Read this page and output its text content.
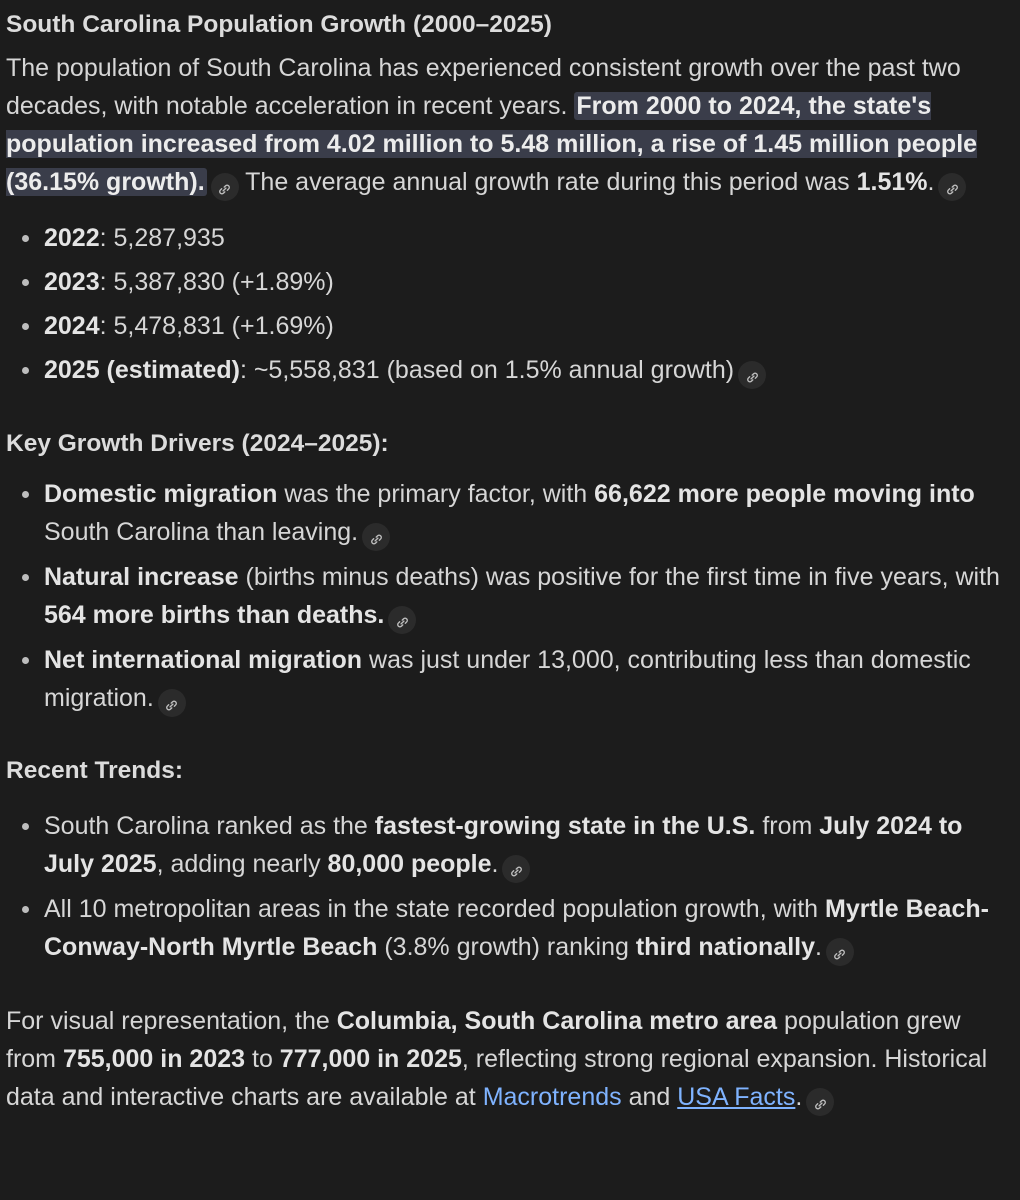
South Carolina Population Growth (2000–2025)

The population of South Carolina has experienced consistent growth over the past two decades, with notable acceleration in recent years. From 2000 to 2024, the state's population increased from 4.02 million to 5.48 million, a rise of 1.45 million people (36.15% growth). The average annual growth rate during this period was 1.51%.

2022: 5,287,935
2023: 5,387,830 (+1.89%)
2024: 5,478,831 (+1.69%)
2025 (estimated): ~5,558,831 (based on 1.5% annual growth)
Key Growth Drivers (2024–2025):
Domestic migration was the primary factor, with 66,622 more people moving into South Carolina than leaving.
Natural increase (births minus deaths) was positive for the first time in five years, with 564 more births than deaths.
Net international migration was just under 13,000, contributing less than domestic migration.
Recent Trends:
South Carolina ranked as the fastest-growing state in the U.S. from July 2024 to July 2025, adding nearly 80,000 people.
All 10 metropolitan areas in the state recorded population growth, with Myrtle Beach-Conway-North Myrtle Beach (3.8% growth) ranking third nationally.

For visual representation, the Columbia, South Carolina metro area population grew from 755,000 in 2023 to 777,000 in 2025, reflecting strong regional expansion. Historical data and interactive charts are available at Macrotrends and USA Facts.
